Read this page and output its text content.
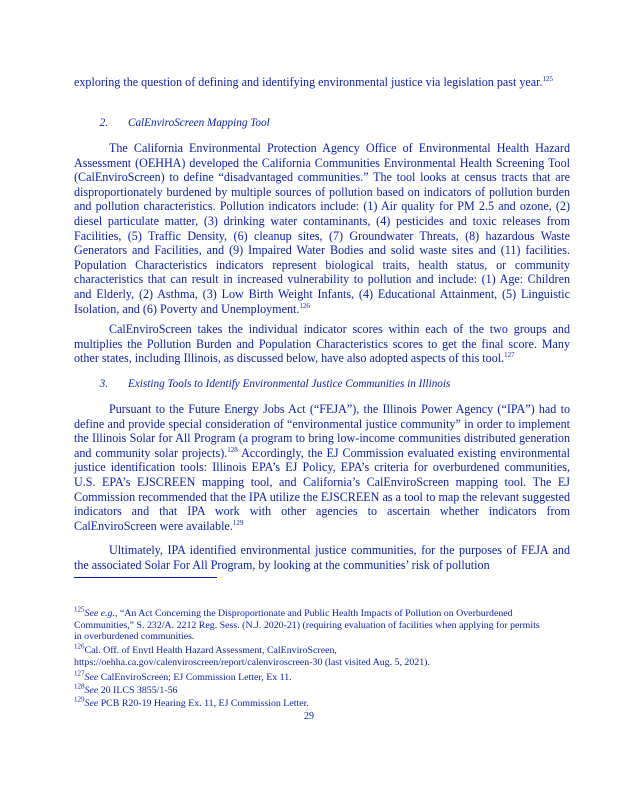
exploring the question of defining and identifying environmental justice via legislation past year.$^{125}$

2. CalEnviroScreen Mapping Tool

The California Environmental Protection Agency Office of Environmental Health Hazard Assessment (OEHHA) developed the California Communities Environmental Health Screening Tool (CalEnviroScreen) to define “disadvantaged communities.” The tool looks at census tracts that are disproportionately burdened by multiple sources of pollution based on indicators of pollution burden and pollution characteristics. Pollution indicators include: (1) Air quality for PM 2.5 and ozone, (2) diesel particulate matter, (3) drinking water contaminants, (4) pesticides and toxic releases from Facilities, (5) Traffic Density, (6) cleanup sites, (7) Groundwater Threats, (8) hazardous Waste Generators and Facilities, and (9) Impaired Water Bodies and solid waste sites and (11) facilities. Population Characteristics indicators represent biological traits, health status, or community characteristics that can result in increased vulnerability to pollution and include: (1) Age: Children and Elderly, (2) Asthma, (3) Low Birth Weight Infants, (4) Educational Attainment, (5) Linguistic Isolation, and (6) Poverty and Unemployment.$^{126}$

CalEnviroScreen takes the individual indicator scores within each of the two groups and multiplies the Pollution Burden and Population Characteristics scores to get the final score. Many other states, including Illinois, as discussed below, have also adopted aspects of this tool.$^{127}$

3. Existing Tools to Identify Environmental Justice Communities in Illinois

Pursuant to the Future Energy Jobs Act (“FEJA”), the Illinois Power Agency (“IPA”) had to define and provide special consideration of “environmental justice community” in order to implement the Illinois Solar for All Program (a program to bring low-income communities distributed generation and community solar projects).$^{128}$ Accordingly, the EJ Commission evaluated existing environmental justice identification tools: Illinois EPA’s EJ Policy, EPA’s criteria for overburdened communities, U.S. EPA’s EJSCREEN mapping tool, and California’s CalEnviroScreen mapping tool. The EJ Commission recommended that the IPA utilize the EJSCREEN as a tool to map the relevant suggested indicators and that IPA work with other agencies to ascertain whether indicators from CalEnviroScreen were available.$^{129}$

Ultimately, IPA identified environmental justice communities, for the purposes of FEJA and the associated Solar For All Program, by looking at the communities’ risk of pollution

$^{125}$See e.g., “An Act Concerning the Disproportionate and Public Health Impacts of Pollution on Overburdened Communities,” S. 232/A. 2212 Reg. Sess. (N.J. 2020-21) (requiring evaluation of facilities when applying for permits in overburdened communities.

$^{126}$Cal. Off. of Envtl Health Hazard Assessment, CalEnviroScreen, https://oehha.ca.gov/calenviroscreen/report/calenviroscreen-30 (last visited Aug. 5, 2021).

$^{127}$See CalEnviroScreen; EJ Commission Letter, Ex 11.

$^{128}$See 20 ILCS 3855/1-56

$^{129}$See PCB R20-19 Hearing Ex. 11, EJ Commission Letter.

29
